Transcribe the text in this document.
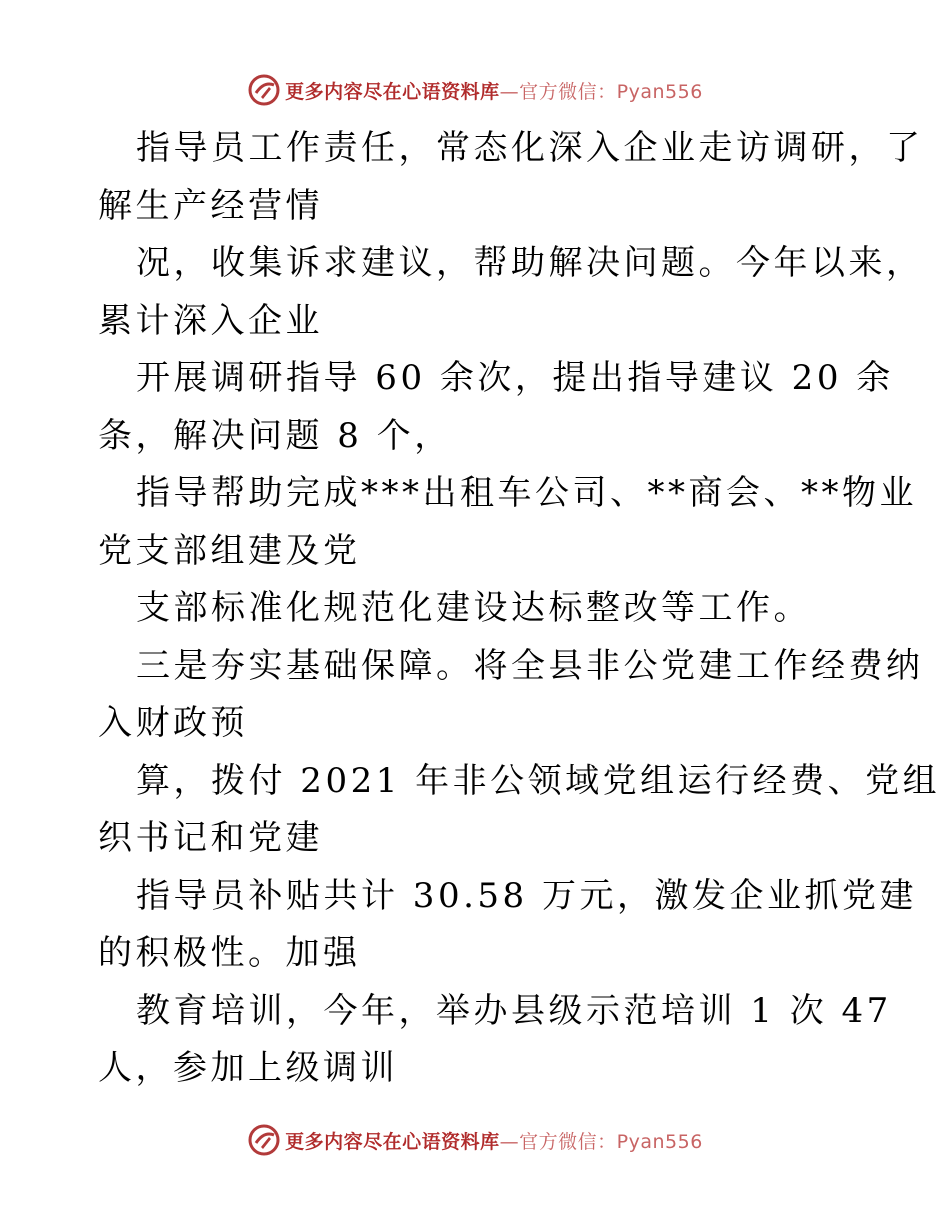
更多内容尽在心语资料库—官方微信：Pyan556
指导员工作责任，常态化深入企业走访调研，了
解生产经营情
况，收集诉求建议，帮助解决问题。今年以来，
累计深入企业
开展调研指导 60 余次，提出指导建议 20 余
条，解决问题 8 个，
指导帮助完成***出租车公司、**商会、**物业
党支部组建及党
支部标准化规范化建设达标整改等工作。
三是夯实基础保障。将全县非公党建工作经费纳
入财政预
算，拨付 2021 年非公领域党组运行经费、党组
织书记和党建
指导员补贴共计 30.58 万元，激发企业抓党建
的积极性。加强
教育培训，今年，举办县级示范培训 1 次 47
人，参加上级调训
更多内容尽在心语资料库—官方微信：Pyan556
